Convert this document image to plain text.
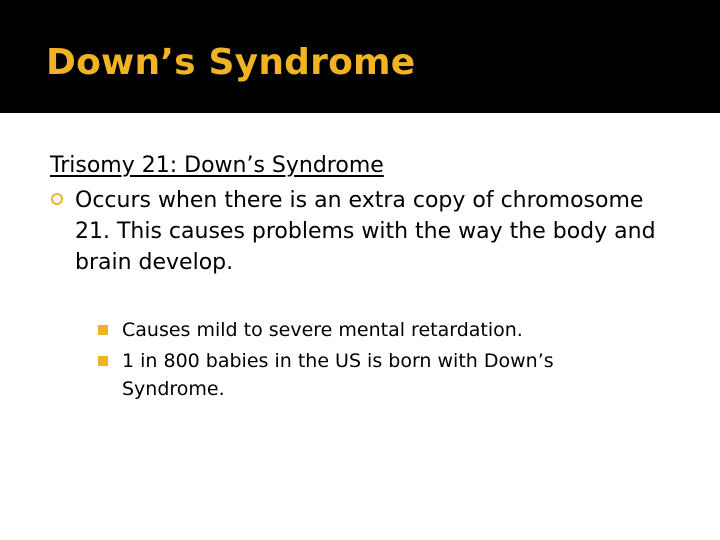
Down’s Syndrome

Trisomy 21: Down’s Syndrome

Occurs when there is an extra copy of chromosome 21. This causes problems with the way the body and brain develop.
Causes mild to severe mental retardation.
1 in 800 babies in the US is born with Down’s Syndrome.
